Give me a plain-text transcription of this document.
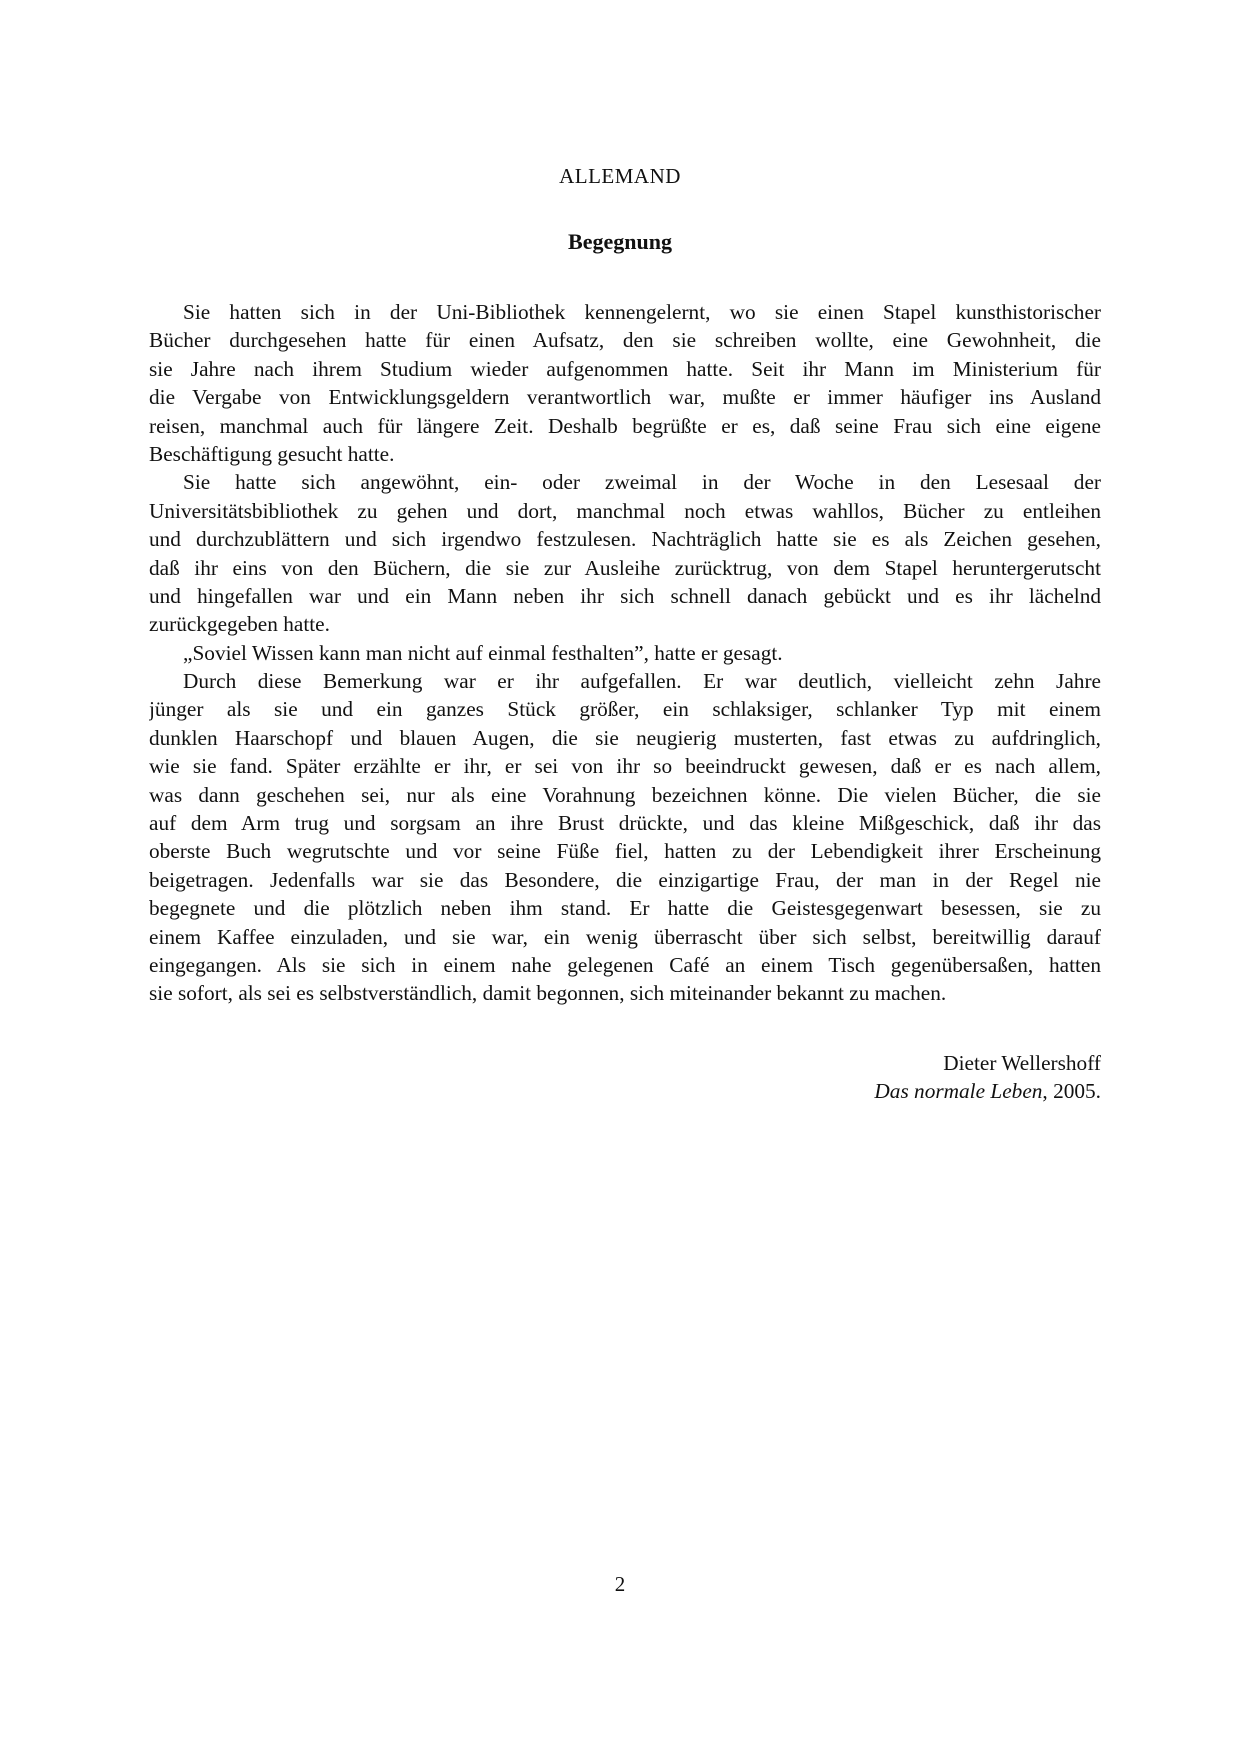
ALLEMAND
Begegnung
Sie hatten sich in der Uni-Bibliothek kennengelernt, wo sie einen Stapel kunsthistorischer
Bücher durchgesehen hatte für einen Aufsatz, den sie schreiben wollte, eine Gewohnheit, die
sie Jahre nach ihrem Studium wieder aufgenommen hatte. Seit ihr Mann im Ministerium für
die Vergabe von Entwicklungsgeldern verantwortlich war, mußte er immer häufiger ins Ausland
reisen, manchmal auch für längere Zeit. Deshalb begrüßte er es, daß seine Frau sich eine eigene
Beschäftigung gesucht hatte.
Sie hatte sich angewöhnt, ein- oder zweimal in der Woche in den Lesesaal der
Universitätsbibliothek zu gehen und dort, manchmal noch etwas wahllos, Bücher zu entleihen
und durchzublättern und sich irgendwo festzulesen. Nachträglich hatte sie es als Zeichen gesehen,
daß ihr eins von den Büchern, die sie zur Ausleihe zurücktrug, von dem Stapel heruntergerutscht
und hingefallen war und ein Mann neben ihr sich schnell danach gebückt und es ihr lächelnd
zurückgegeben hatte.
„Soviel Wissen kann man nicht auf einmal festhalten”, hatte er gesagt.
Durch diese Bemerkung war er ihr aufgefallen. Er war deutlich, vielleicht zehn Jahre
jünger als sie und ein ganzes Stück größer, ein schlaksiger, schlanker Typ mit einem
dunklen Haarschopf und blauen Augen, die sie neugierig musterten, fast etwas zu aufdringlich,
wie sie fand. Später erzählte er ihr, er sei von ihr so beeindruckt gewesen, daß er es nach allem,
was dann geschehen sei, nur als eine Vorahnung bezeichnen könne. Die vielen Bücher, die sie
auf dem Arm trug und sorgsam an ihre Brust drückte, und das kleine Mißgeschick, daß ihr das
oberste Buch wegrutschte und vor seine Füße fiel, hatten zu der Lebendigkeit ihrer Erscheinung
beigetragen. Jedenfalls war sie das Besondere, die einzigartige Frau, der man in der Regel nie
begegnete und die plötzlich neben ihm stand. Er hatte die Geistesgegenwart besessen, sie zu
einem Kaffee einzuladen, und sie war, ein wenig überrascht über sich selbst, bereitwillig darauf
eingegangen. Als sie sich in einem nahe gelegenen Café an einem Tisch gegenübersaßen, hatten
sie sofort, als sei es selbstverständlich, damit begonnen, sich miteinander bekannt zu machen.
Dieter Wellershoff
Das normale Leben, 2005.
2
